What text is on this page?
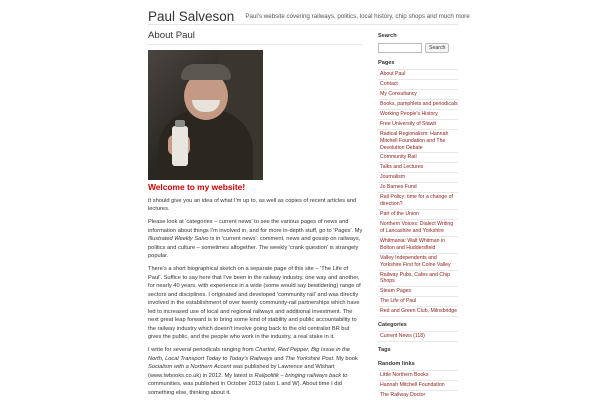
Paul Salveson Paul's website covering railways, politics, local history, chip shops and much more
About Paul
Welcome to my website!

It should give you an idea of what I'm up to, as well as copies of recent articles and lectures.

Please look at 'categories – current news' to see the various pages of news and information about things I'm involved in, and for more in-depth stuff, go to 'Pages'. My Illustrated Weekly Salvo is in 'current news': comment, news and gossip on railways, politics and culture – sometimes altogether. The weekly 'crank question' is strangely popular.

There's a short biographical sketch on a separate page of this site – 'The Life of Paul'. Suffice to say here that I've been in the railway industry, one way and another, for nearly 40 years, with experience in a wide (some would say bewildering) range of sectors and disciplines. I originated and developed 'community rail' and was directly involved in the establishment of over twenty community-rail partnerships which have led to increased use of local and regional railways and additional investment. The next great leap forward is to bring some kind of stability and public accountability to the railway industry which doesn't involve going back to the old centralist BR but gives the public, and the people who work in the industry, a real stake in it.

I write for several periodicals ranging from Chartist, Red Pepper, Big Issue in the North, Local Transport Today to Today's Railways and The Yorkshire Post. My book Socialism with a Northern Accent was published by Lawrence and Wishart (www.lwbooks.co.uk) in 2012. My latest is Railpolitik – bringing railways back to communities, was published in October 2013 (also L and W). About time I did something else, thinking about it.

Search
Search
Pages
About Paul
Contact
My Consultancy
Books, pamphlets and periodicals
Working People's History
Free University of Slawit
Radical Regionalism: Hannah Mitchell Foundation and The Devolution Debate
Community Rail
Talks and Lectures
Journalism
Jo Barnes Fund
Rail Policy: time for a change of direction?
Part of the Union
Northern Voices: Dialect Writing of Lancashire and Yorkshire
Whitmania: Walt Whitman in Bolton and Huddersfield
Valley Independents and Yorkshire First for Colne Valley
Railway Pubs, Cafes and Chip Shops
Steam Pages
The Life of Paul
Red and Green Club, Milnsbridge
Categories
Current News (118)
Tags
Random links
Little Northern Books
Hannah Mitchell Foundation
The Railway Doctor
